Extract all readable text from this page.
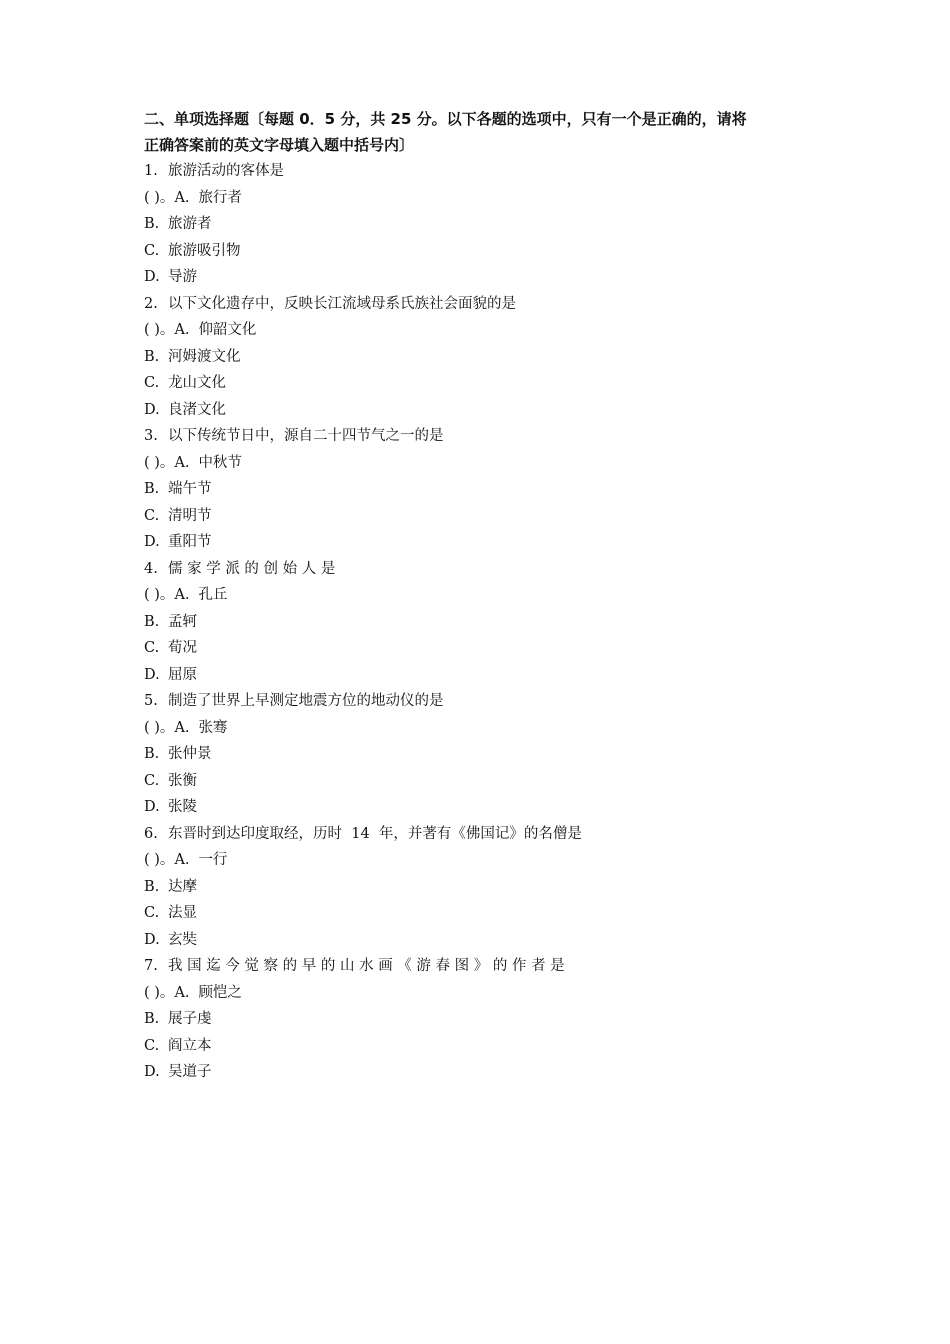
二、单项选择题〔每题 0．5 分，共 25 分。以下各题的选项中，只有一个是正确的，请将
正确答案前的英文字母填入题中括号内〕
1. 旅游活动的客体是
( )。A. 旅行者
B. 旅游者
C. 旅游吸引物
D. 导游
2. 以下文化遗存中，反映长江流域母系氏族社会面貌的是
( )。A. 仰韶文化
B. 河姆渡文化
C. 龙山文化
D. 良渚文化
3. 以下传统节日中，源自二十四节气之一的是
( )。A. 中秋节
B. 端午节
C. 清明节
D. 重阳节
4. 儒 家 学 派 的 创 始 人 是
( )。A. 孔丘
B. 孟轲
C. 荀况
D. 屈原
5. 制造了世界上早测定地震方位的地动仪的是
( )。A. 张骞
B. 张仲景
C. 张衡
D. 张陵
6. 东晋时到达印度取经，历时  14  年，并著有《佛国记》的名僧是
( )。A. 一行
B. 达摩
C. 法显
D. 玄奘
7. 我 国 迄 今 觉 察 的 早 的 山 水 画 《 游 春 图 》 的 作 者 是
( )。A. 顾恺之
B. 展子虔
C. 阎立本
D. 吴道子
